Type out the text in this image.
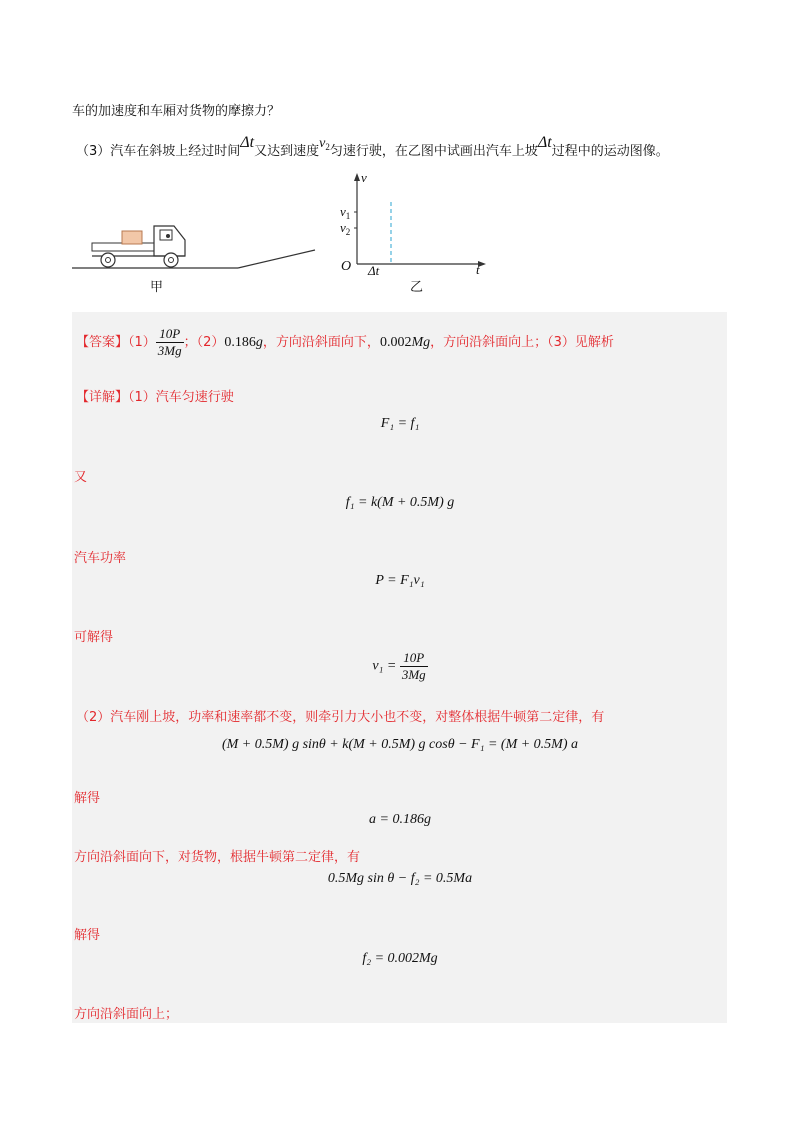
车的加速度和车厢对货物的摩擦力？
（3）汽车在斜坡上经过时间Δt又达到速度$v_2$匀速行驶，在乙图中试画出汽车上坡Δt过程中的运动图像。
甲
v
t
O
$v_1$
$v_2$
Δt
乙
【答案】$(1) \frac{10P}{3Mg}$ ；（2）0.186g，方向沿斜面向下，0.002Mg，方向沿斜面向上；（3）见解析
【详解】（1）汽车匀速行驶
F₁ = f₁
又
f₁ = k(M + 0.5M) g
汽车功率
P = F₁v₁
可解得
$v_1 = \frac{10P}{3Mg}$
（2）汽车刚上坡，功率和速率都不变，则牵引力大小也不变，对整体根据牛顿第二定律，有
(M + 0.5M) g sinθ + k(M + 0.5M) g cosθ − F₁ = (M + 0.5M) a
解得
a = 0.186g
方向沿斜面向下，对货物，根据牛顿第二定律，有
0.5Mg sin θ − f₂ = 0.5Ma
解得
f₂ = 0.002Mg
方向沿斜面向上；
